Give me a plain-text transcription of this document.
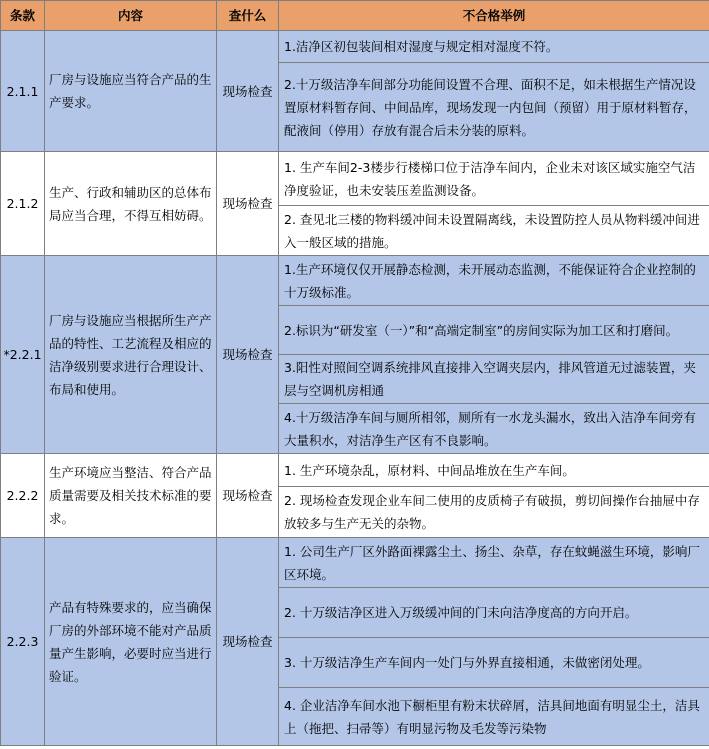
条款	内容	查什么	不合格举例
2.1.1	厂房与设施应当符合产品的生产要求。	现场检查	1.洁净区初包装间相对湿度与规定相对湿度不符。
			2.十万级洁净车间部分功能间设置不合理、面积不足，如未根据生产情况设置原材料暂存间、中间品库，现场发现一内包间（预留）用于原材料暂存，配液间（停用）存放有混合后未分装的原料。
2.1.2	生产、行政和辅助区的总体布局应当合理，不得互相妨碍。	现场检查	1. 生产车间2-3楼步行楼梯口位于洁净车间内，企业未对该区域实施空气洁净度验证，也未安装压差监测设备。
			2. 查见北三楼的物料缓冲间未设置隔离线，未设置防控人员从物料缓冲间进入一般区域的措施。
*2.2.1	厂房与设施应当根据所生产产品的特性、工艺流程及相应的洁净级别要求进行合理设计、布局和使用。	现场检查	1.生产环境仅仅开展静态检测，未开展动态监测，不能保证符合企业控制的十万级标准。
			2.标识为“研发室（一）”和“高端定制室”的房间实际为加工区和打磨间。
			3.阳性对照间空调系统排风直接排入空调夹层内，排风管道无过滤装置，夹层与空调机房相通
			4.十万级洁净车间与厕所相邻，厕所有一水龙头漏水，致出入洁净车间旁有大量积水，对洁净生产区有不良影响。
2.2.2	生产环境应当整洁、符合产品质量需要及相关技术标准的要求。	现场检查	1. 生产环境杂乱，原材料、中间品堆放在生产车间。
			2. 现场检查发现企业车间二使用的皮质椅子有破损，剪切间操作台抽屉中存放较多与生产无关的杂物。
2.2.3	产品有特殊要求的，应当确保厂房的外部环境不能对产品质量产生影响，必要时应当进行验证。	现场检查	1. 公司生产厂区外路面裸露尘土、扬尘、杂草，存在蚊蝇滋生环境，影响厂区环境。
			2. 十万级洁净区进入万级缓冲间的门未向洁净度高的方向开启。
			3. 十万级洁净生产车间内一处门与外界直接相通，未做密闭处理。
			4. 企业洁净车间水池下橱柜里有粉末状碎屑，洁具间地面有明显尘土，洁具上（拖把、扫帚等）有明显污物及毛发等污染物
